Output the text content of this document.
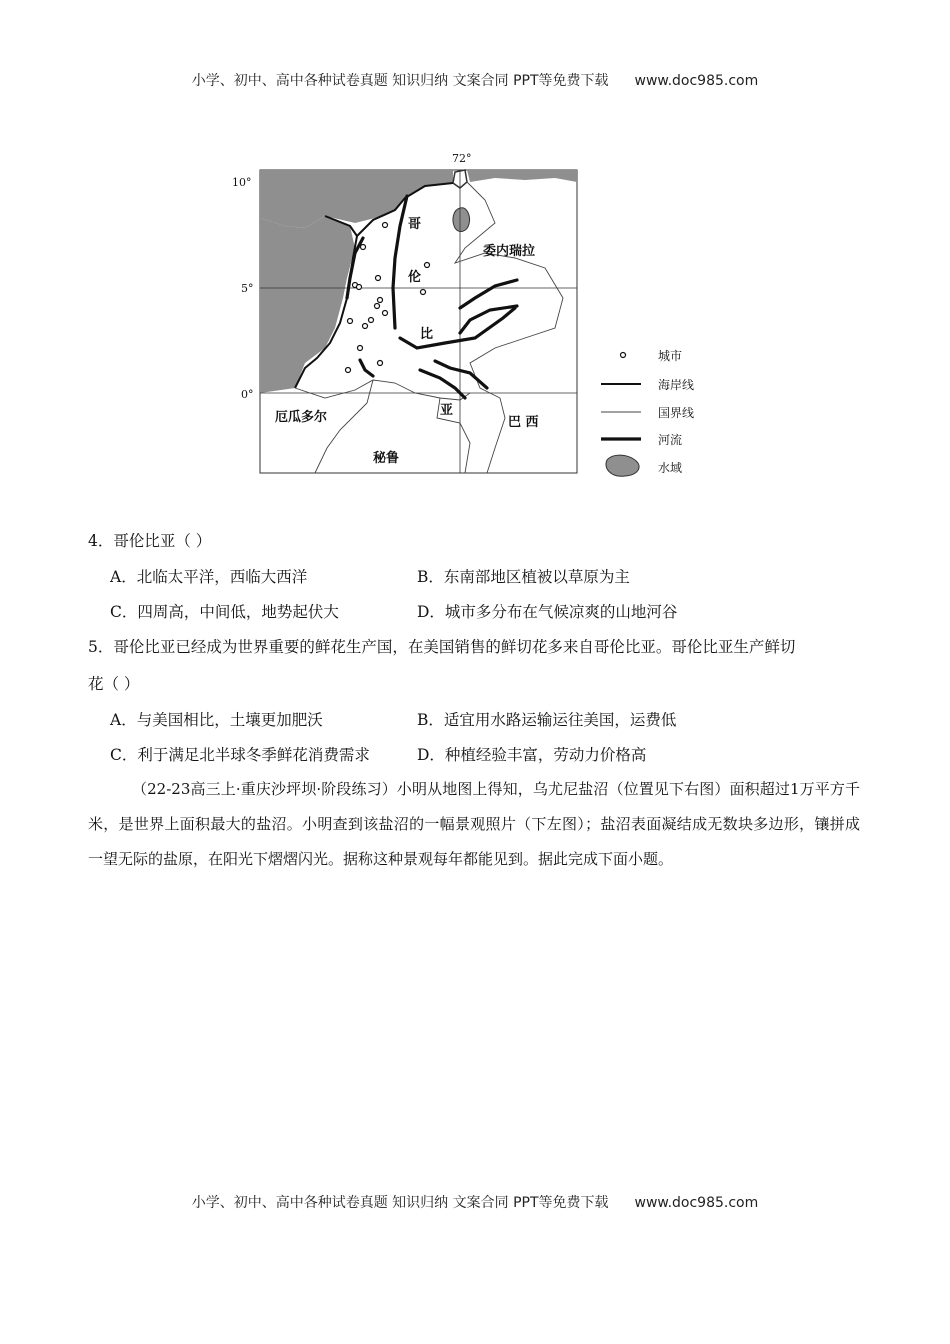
小学、初中、高中各种试卷真题 知识归纳 文案合同 PPT等免费下载 www.doc985.com
72°
10°
5°
0°
哥
伦
比
亚
委内瑞拉
厄瓜多尔
秘鲁
巴 西
城市
海岸线
国界线
河流
水域
4．哥伦比亚（ ）
A．北临太平洋，西临大西洋	B．东南部地区植被以草原为主
C．四周高，中间低，地势起伏大	D．城市多分布在气候凉爽的山地河谷
5．哥伦比亚已经成为世界重要的鲜花生产国，在美国销售的鲜切花多来自哥伦比亚。哥伦比亚生产鲜切
花（ ）
A．与美国相比，土壤更加肥沃	B．适宜用水路运输运往美国，运费低
C．利于满足北半球冬季鲜花消费需求	D．种植经验丰富，劳动力价格高
（22-23高三上·重庆沙坪坝·阶段练习）小明从地图上得知，乌尤尼盐沼（位置见下右图）面积超过1万平方千米，是世界上面积最大的盐沼。小明查到该盐沼的一幅景观照片（下左图）；盐沼表面凝结成无数块多边形，镶拼成一望无际的盐原，在阳光下熠熠闪光。据称这种景观每年都能见到。据此完成下面小题。
小学、初中、高中各种试卷真题 知识归纳 文案合同 PPT等免费下载 www.doc985.com
